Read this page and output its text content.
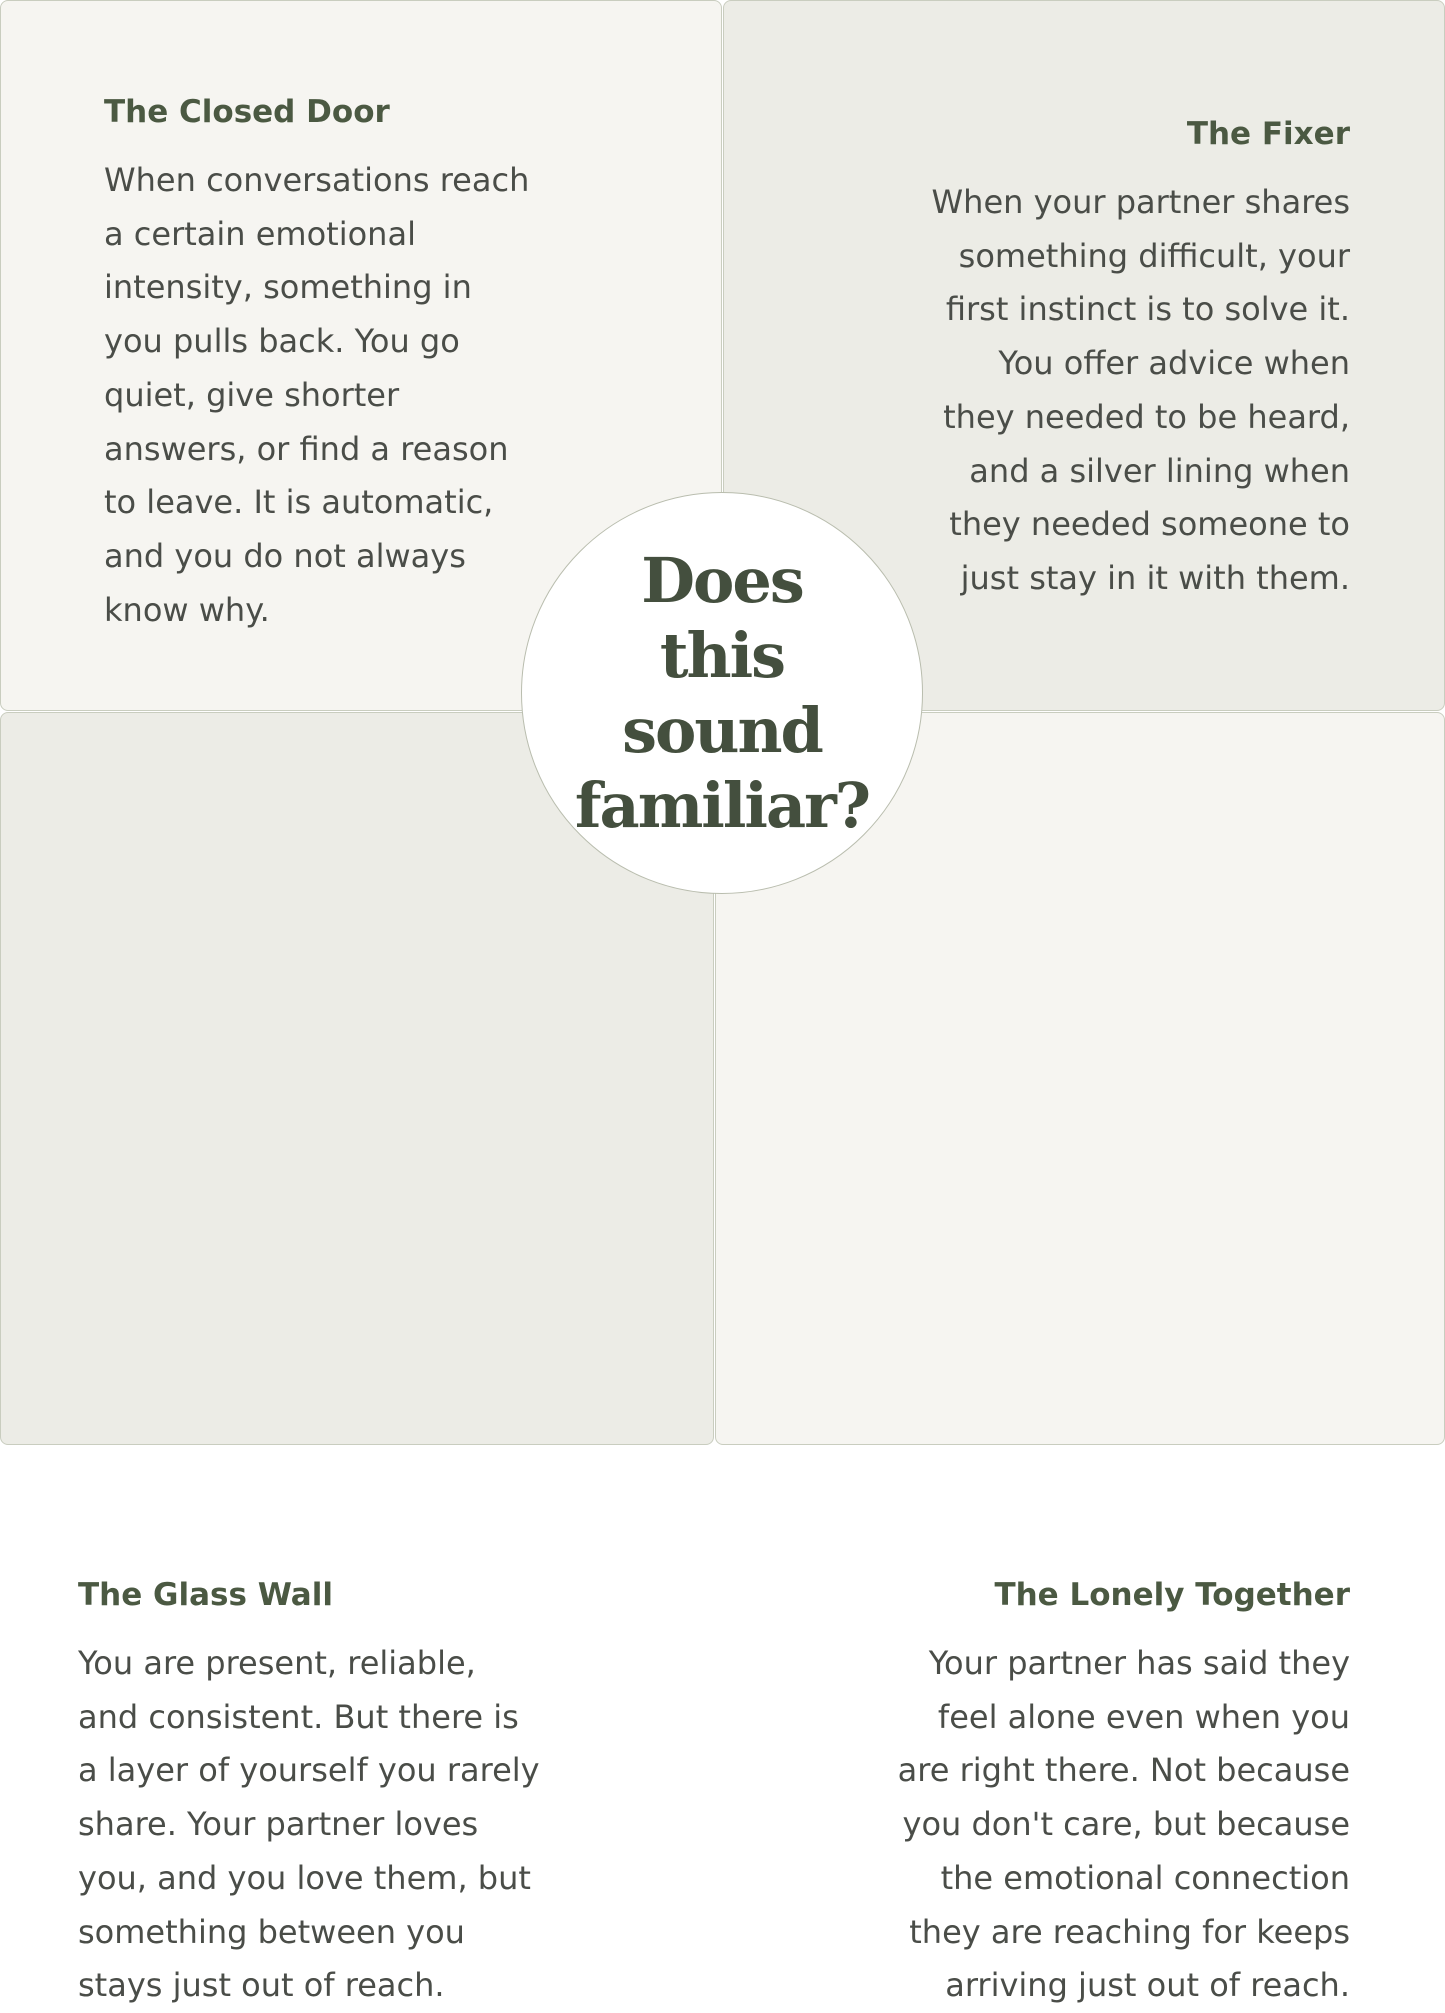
The Closed Door

When conversations reach
a certain emotional
intensity, something in
you pulls back. You go
quiet, give shorter
answers, or find a reason
to leave. It is automatic,
and you do not always
know why.

The Fixer

When your partner shares
something difficult, your
first instinct is to solve it.
You offer advice when
they needed to be heard,
and a silver lining when
they needed someone to
just stay in it with them.

The Glass Wall

You are present, reliable,
and consistent. But there is
a layer of yourself you rarely
share. Your partner loves
you, and you love them, but
something between you
stays just out of reach.

The Lonely Together

Your partner has said they
feel alone even when you
are right there. Not because
you don't care, but because
the emotional connection
they are reaching for keeps
arriving just out of reach.

Does this
sound
familiar?
